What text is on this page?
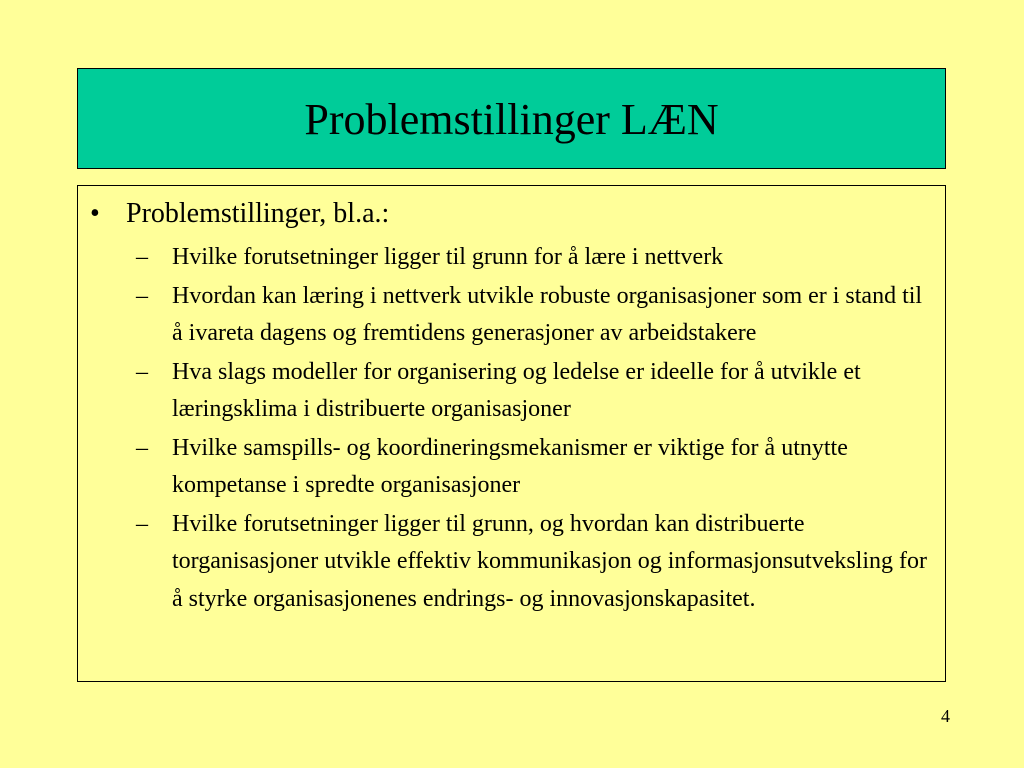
Problemstillinger LÆN
• Problemstillinger, bl.a.:
– Hvilke forutsetninger ligger til grunn for å lære i nettverk
– Hvordan kan læring i nettverk utvikle robuste organisasjoner som er i stand til å ivareta dagens og fremtidens generasjoner av arbeidstakere
– Hva slags modeller for organisering og ledelse er ideelle for å utvikle et læringsklima i distribuerte organisasjoner
– Hvilke samspills- og koordineringsmekanismer er viktige for å utnytte kompetanse i spredte organisasjoner
– Hvilke forutsetninger ligger til grunn, og hvordan kan distribuerte torganisasjoner utvikle effektiv kommunikasjon og informasjonsutveksling for å styrke organisasjonenes endrings- og innovasjonskapasitet.
4
